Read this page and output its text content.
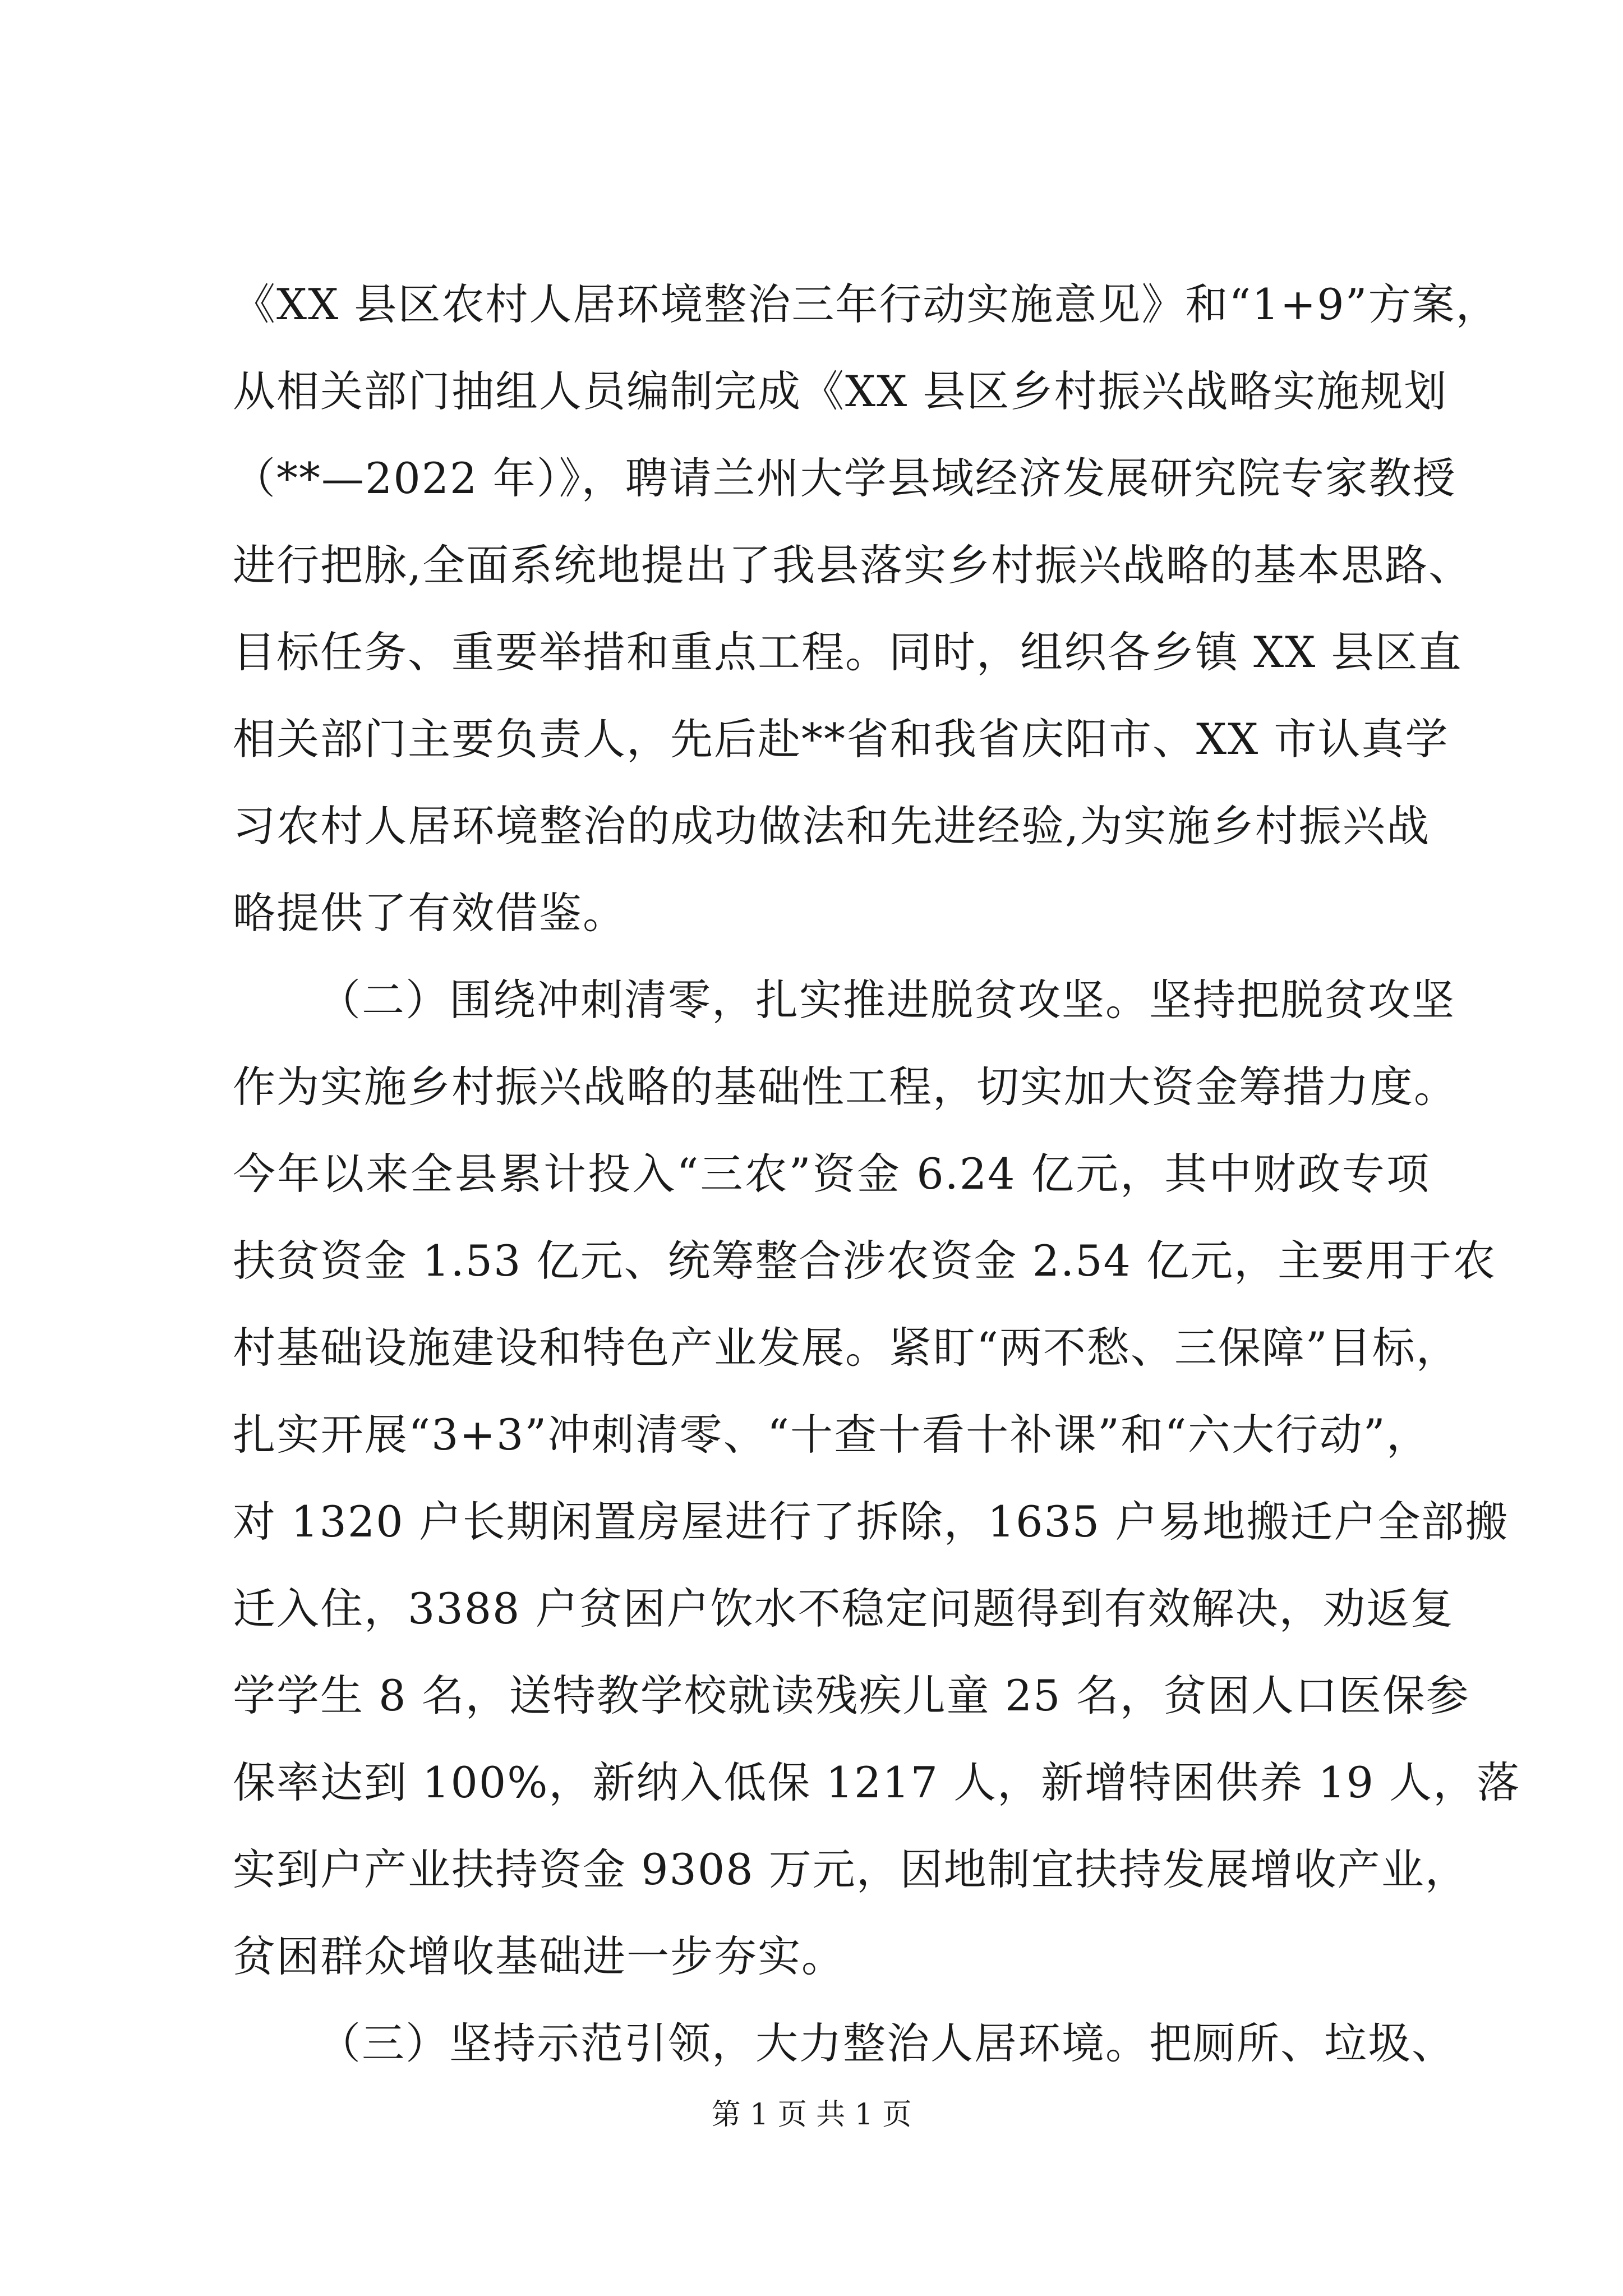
《XX 县区农村人居环境整治三年行动实施意见》和“1+9”方案，
从相关部门抽组人员编制完成《XX 县区乡村振兴战略实施规划
（**—2022 年）》，聘请兰州大学县域经济发展研究院专家教授
进行把脉,全面系统地提出了我县落实乡村振兴战略的基本思路、
目标任务、重要举措和重点工程。同时，组织各乡镇 XX 县区直
相关部门主要负责人，先后赴**省和我省庆阳市、XX 市认真学
习农村人居环境整治的成功做法和先进经验,为实施乡村振兴战
略提供了有效借鉴。
（二）围绕冲刺清零，扎实推进脱贫攻坚。坚持把脱贫攻坚
作为实施乡村振兴战略的基础性工程，切实加大资金筹措力度。
今年以来全县累计投入“三农”资金 6.24 亿元，其中财政专项
扶贫资金 1.53 亿元、统筹整合涉农资金 2.54 亿元，主要用于农
村基础设施建设和特色产业发展。紧盯“两不愁、三保障”目标，
扎实开展“3+3”冲刺清零、“十查十看十补课”和“六大行动”，
对 1320 户长期闲置房屋进行了拆除，1635 户易地搬迁户全部搬
迁入住，3388 户贫困户饮水不稳定问题得到有效解决，劝返复
学学生 8 名，送特教学校就读残疾儿童 25 名，贫困人口医保参
保率达到 100%，新纳入低保 1217 人，新增特困供养 19 人，落
实到户产业扶持资金 9308 万元，因地制宜扶持发展增收产业，
贫困群众增收基础进一步夯实。
（三）坚持示范引领，大力整治人居环境。把厕所、垃圾、
第 1 页 共 1 页
